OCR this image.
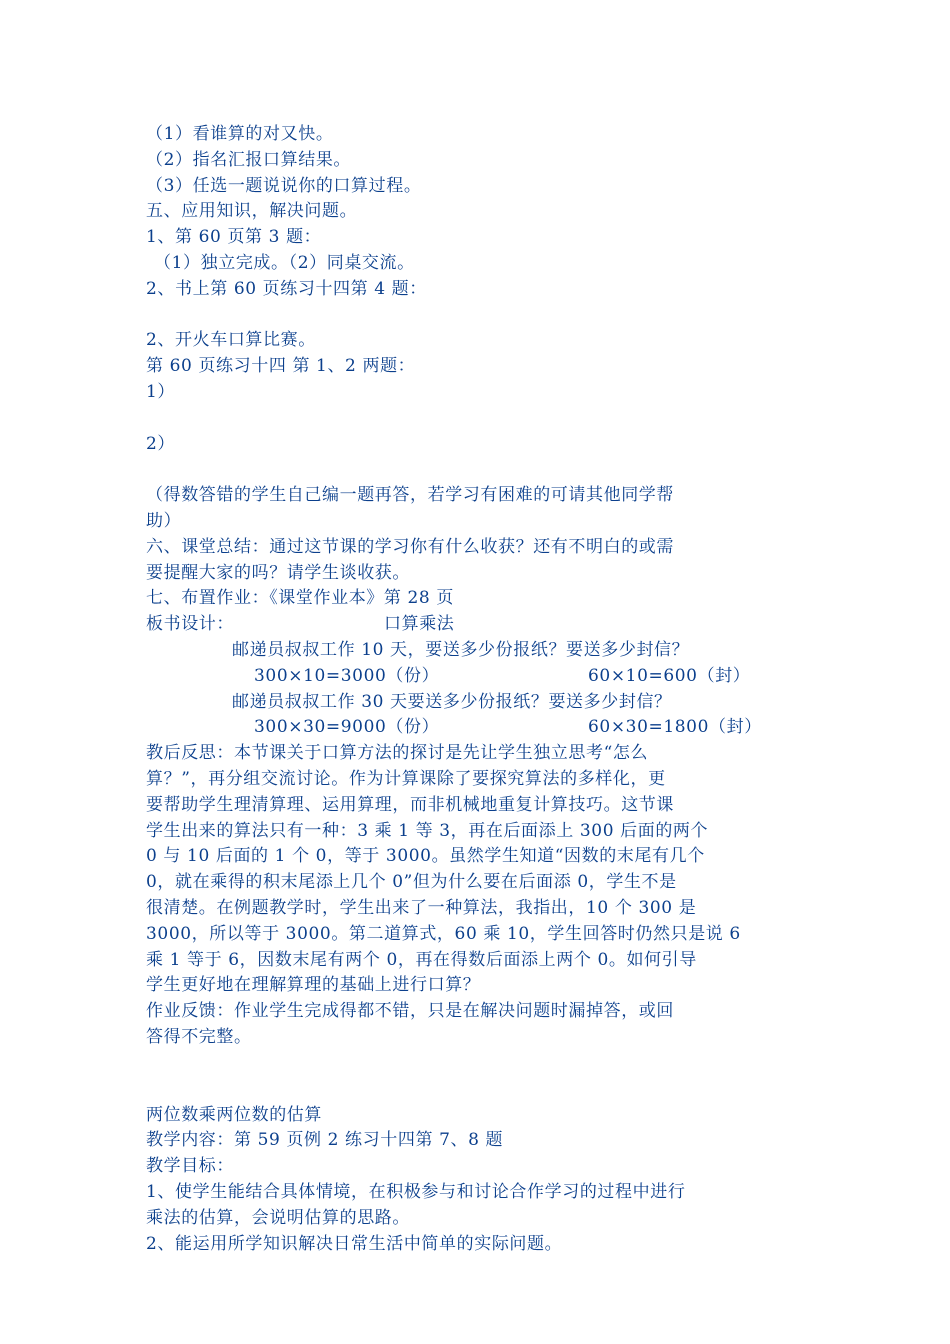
（1）看谁算的对又快。
（2）指名汇报口算结果。
（3）任选一题说说你的口算过程。
五、应用知识，解决问题。
1、第 60 页第 3 题：
（1）独立完成。（2）同桌交流。
2、书上第 60 页练习十四第 4 题：
2、开火车口算比赛。
第 60 页练习十四 第 1、2 两题：
1）
2）
（得数答错的学生自己编一题再答，若学习有困难的可请其他同学帮
助）
六、课堂总结：通过这节课的学习你有什么收获？还有不明白的或需
要提醒大家的吗？请学生谈收获。
七、布置作业：《课堂作业本》第 28 页
板书设计：	口算乘法
邮递员叔叔工作 10 天，要送多少份报纸？要送多少封信？
300×10=3000（份）	60×10=600（封）
邮递员叔叔工作 30 天要送多少份报纸？要送多少封信？
300×30=9000（份）	60×30=1800（封）
教后反思：本节课关于口算方法的探讨是先让学生独立思考“怎么
算？”，再分组交流讨论。作为计算课除了要探究算法的多样化，更
要帮助学生理清算理、运用算理，而非机械地重复计算技巧。这节课
学生出来的算法只有一种：3 乘 1 等 3，再在后面添上 300 后面的两个
0 与 10 后面的 1 个 0，等于 3000。虽然学生知道“因数的末尾有几个
0，就在乘得的积末尾添上几个 0”但为什么要在后面添 0，学生不是
很清楚。在例题教学时，学生出来了一种算法，我指出，10 个 300 是
3000，所以等于 3000。第二道算式，60 乘 10，学生回答时仍然只是说 6
乘 1 等于 6，因数末尾有两个 0，再在得数后面添上两个 0。如何引导
学生更好地在理解算理的基础上进行口算？
作业反馈：作业学生完成得都不错，只是在解决问题时漏掉答，或回
答得不完整。
两位数乘两位数的估算
教学内容：第 59 页例 2 练习十四第 7、8 题
教学目标：
1、使学生能结合具体情境，在积极参与和讨论合作学习的过程中进行
乘法的估算，会说明估算的思路。
2、能运用所学知识解决日常生活中简单的实际问题。
